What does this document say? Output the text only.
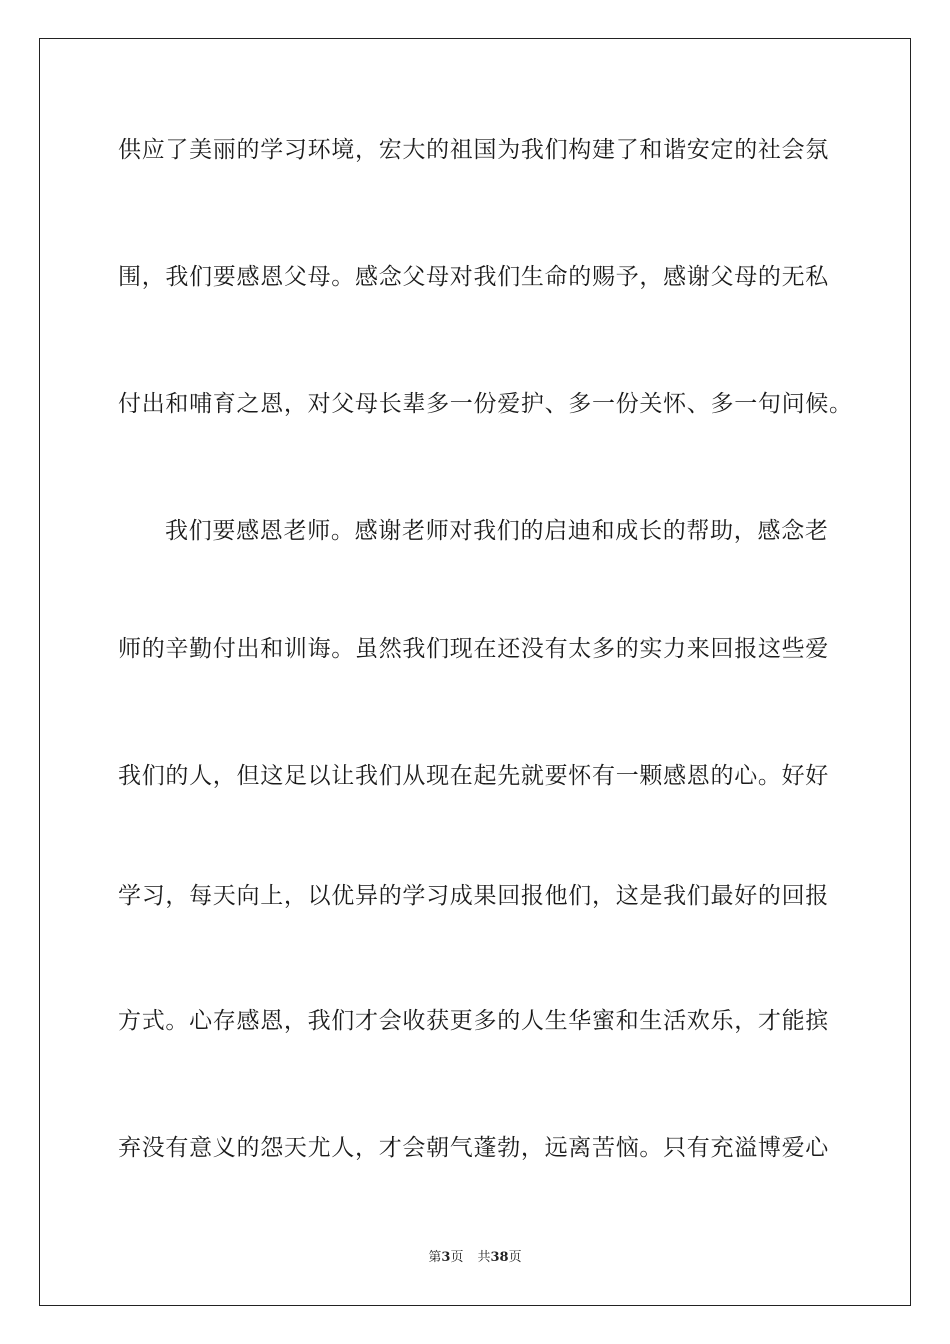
供应了美丽的学习环境，宏大的祖国为我们构建了和谐安定的社会氛
围，我们要感恩父母。感念父母对我们生命的赐予，感谢父母的无私
付出和哺育之恩，对父母长辈多一份爱护、多一份关怀、多一句问候。
我们要感恩老师。感谢老师对我们的启迪和成长的帮助，感念老
师的辛勤付出和训诲。虽然我们现在还没有太多的实力来回报这些爱
我们的人，但这足以让我们从现在起先就要怀有一颗感恩的心。好好
学习，每天向上，以优异的学习成果回报他们，这是我们最好的回报
方式。心存感恩，我们才会收获更多的人生华蜜和生活欢乐，才能摈
弃没有意义的怨天尤人，才会朝气蓬勃，远离苦恼。只有充溢博爱心
第3页 共38页
